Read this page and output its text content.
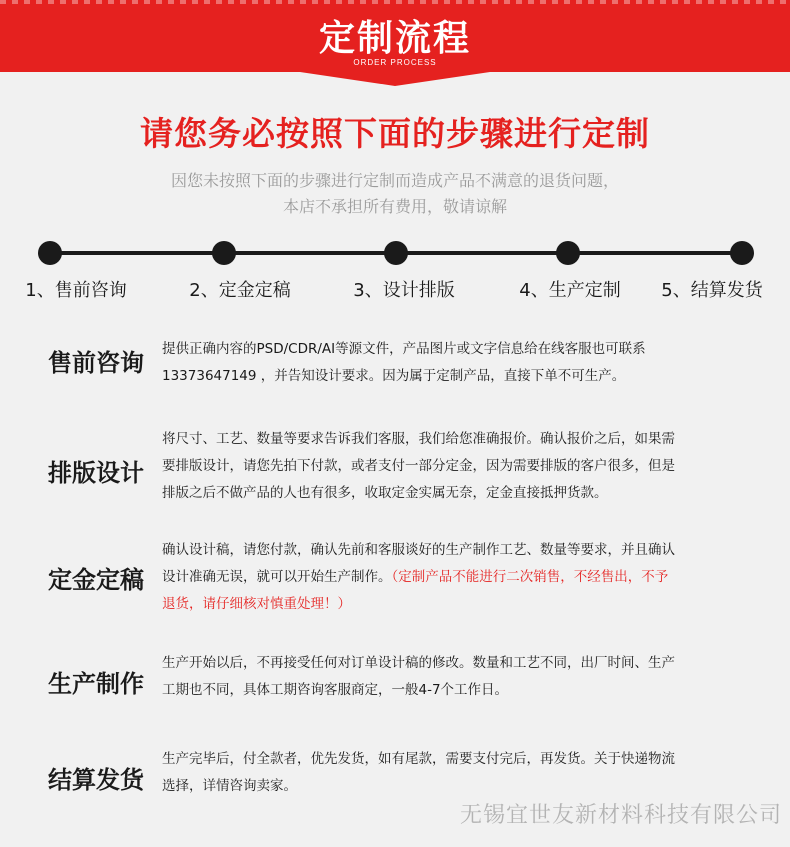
定制流程
ORDER PROCESS
请您务必按照下面的步骤进行定制
因您未按照下面的步骤进行定制而造成产品不满意的退货问题，
本店不承担所有费用，敬请谅解
1、售前咨询	2、定金定稿	3、设计排版	4、生产定制 5、结算发货
售前咨询 提供正确内容的PSD/CDR/AI等源文件，产品图片或文字信息给在线客服也可联系
13373647149 ，并告知设计要求。因为属于定制产品，直接下单不可生产。
排版设计
将尺寸、工艺、数量等要求告诉我们客服，我们给您准确报价。确认报价之后，如果需
要排版设计，请您先拍下付款，或者支付一部分定金，因为需要排版的客户很多，但是
排版之后不做产品的人也有很多，收取定金实属无奈，定金直接抵押货款。
定金定稿
确认设计稿，请您付款，确认先前和客服谈好的生产制作工艺、数量等要求，并且确认
设计准确无误，就可以开始生产制作。（定制产品不能进行二次销售，不经售出，不予
退货，请仔细核对慎重处理！）
生产制作
生产开始以后，不再接受任何对订单设计稿的修改。数量和工艺不同，出厂时间、生产
工期也不同，具体工期咨询客服商定，一般4-7个工作日。
结算发货
生产完毕后，付全款者，优先发货，如有尾款，需要支付完后，再发货。关于快递物流
选择，详情咨询卖家。
无锡宜世友新材料科技有限公司
